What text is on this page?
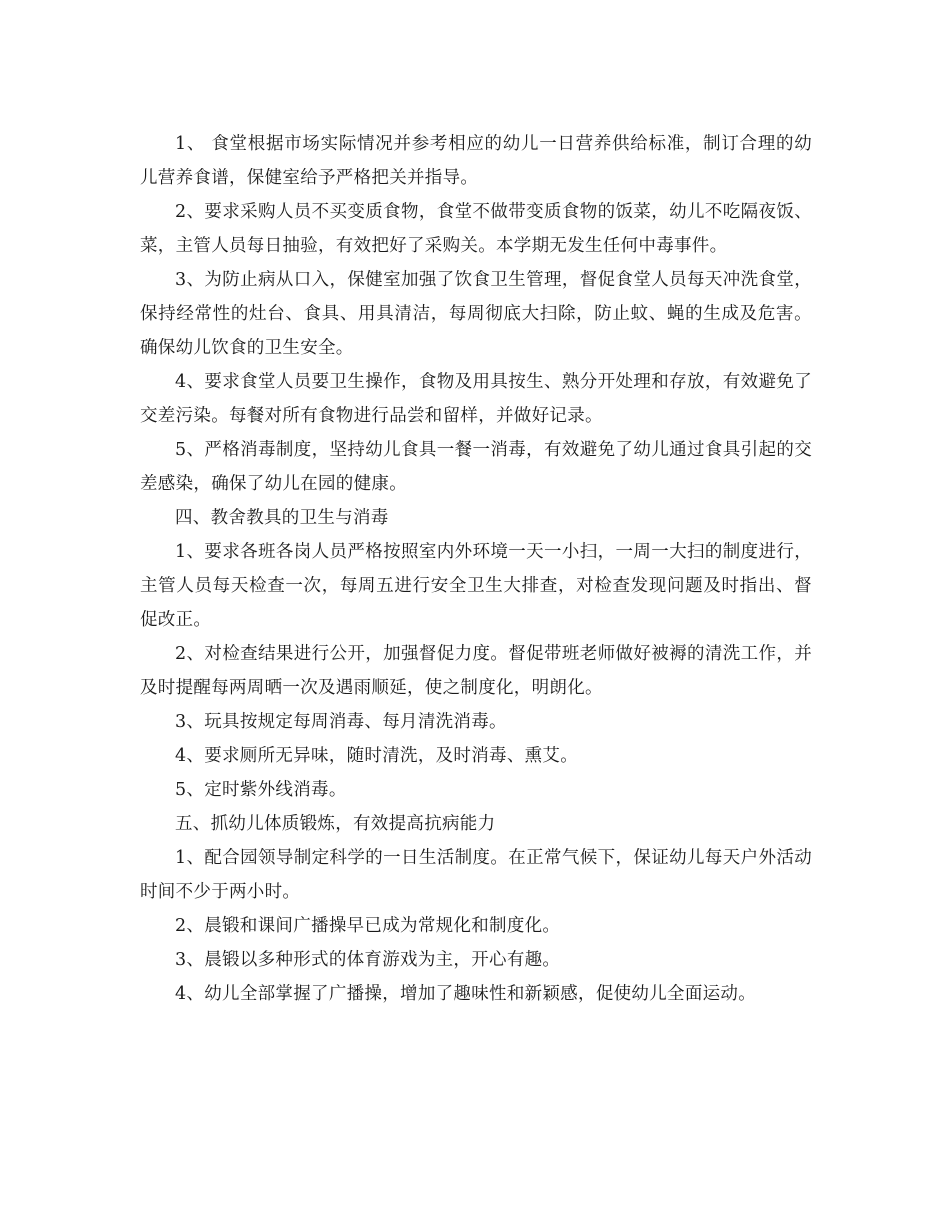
1、 食堂根据市场实际情况并参考相应的幼儿一日营养供给标准，制订合理的幼儿营养食谱，保健室给予严格把关并指导。

2、要求采购人员不买变质食物，食堂不做带变质食物的饭菜，幼儿不吃隔夜饭、菜，主管人员每日抽验，有效把好了采购关。本学期无发生任何中毒事件。

3、为防止病从口入，保健室加强了饮食卫生管理，督促食堂人员每天冲洗食堂，保持经常性的灶台、食具、用具清洁，每周彻底大扫除，防止蚊、蝇的生成及危害。确保幼儿饮食的卫生安全。

4、要求食堂人员要卫生操作，食物及用具按生、熟分开处理和存放，有效避免了交差污染。每餐对所有食物进行品尝和留样，并做好记录。

5、严格消毒制度，坚持幼儿食具一餐一消毒，有效避免了幼儿通过食具引起的交差感染，确保了幼儿在园的健康。

四、教舍教具的卫生与消毒

1、要求各班各岗人员严格按照室内外环境一天一小扫，一周一大扫的制度进行，主管人员每天检查一次，每周五进行安全卫生大排查，对检查发现问题及时指出、督促改正。

2、对检查结果进行公开，加强督促力度。督促带班老师做好被褥的清洗工作，并及时提醒每两周晒一次及遇雨顺延，使之制度化，明朗化。

3、玩具按规定每周消毒、每月清洗消毒。

4、要求厕所无异味，随时清洗，及时消毒、熏艾。

5、定时紫外线消毒。

五、抓幼儿体质锻炼，有效提高抗病能力

1、配合园领导制定科学的一日生活制度。在正常气候下，保证幼儿每天户外活动时间不少于两小时。

2、晨锻和课间广播操早已成为常规化和制度化。

3、晨锻以多种形式的体育游戏为主，开心有趣。

4、幼儿全部掌握了广播操，增加了趣味性和新颖感，促使幼儿全面运动。
